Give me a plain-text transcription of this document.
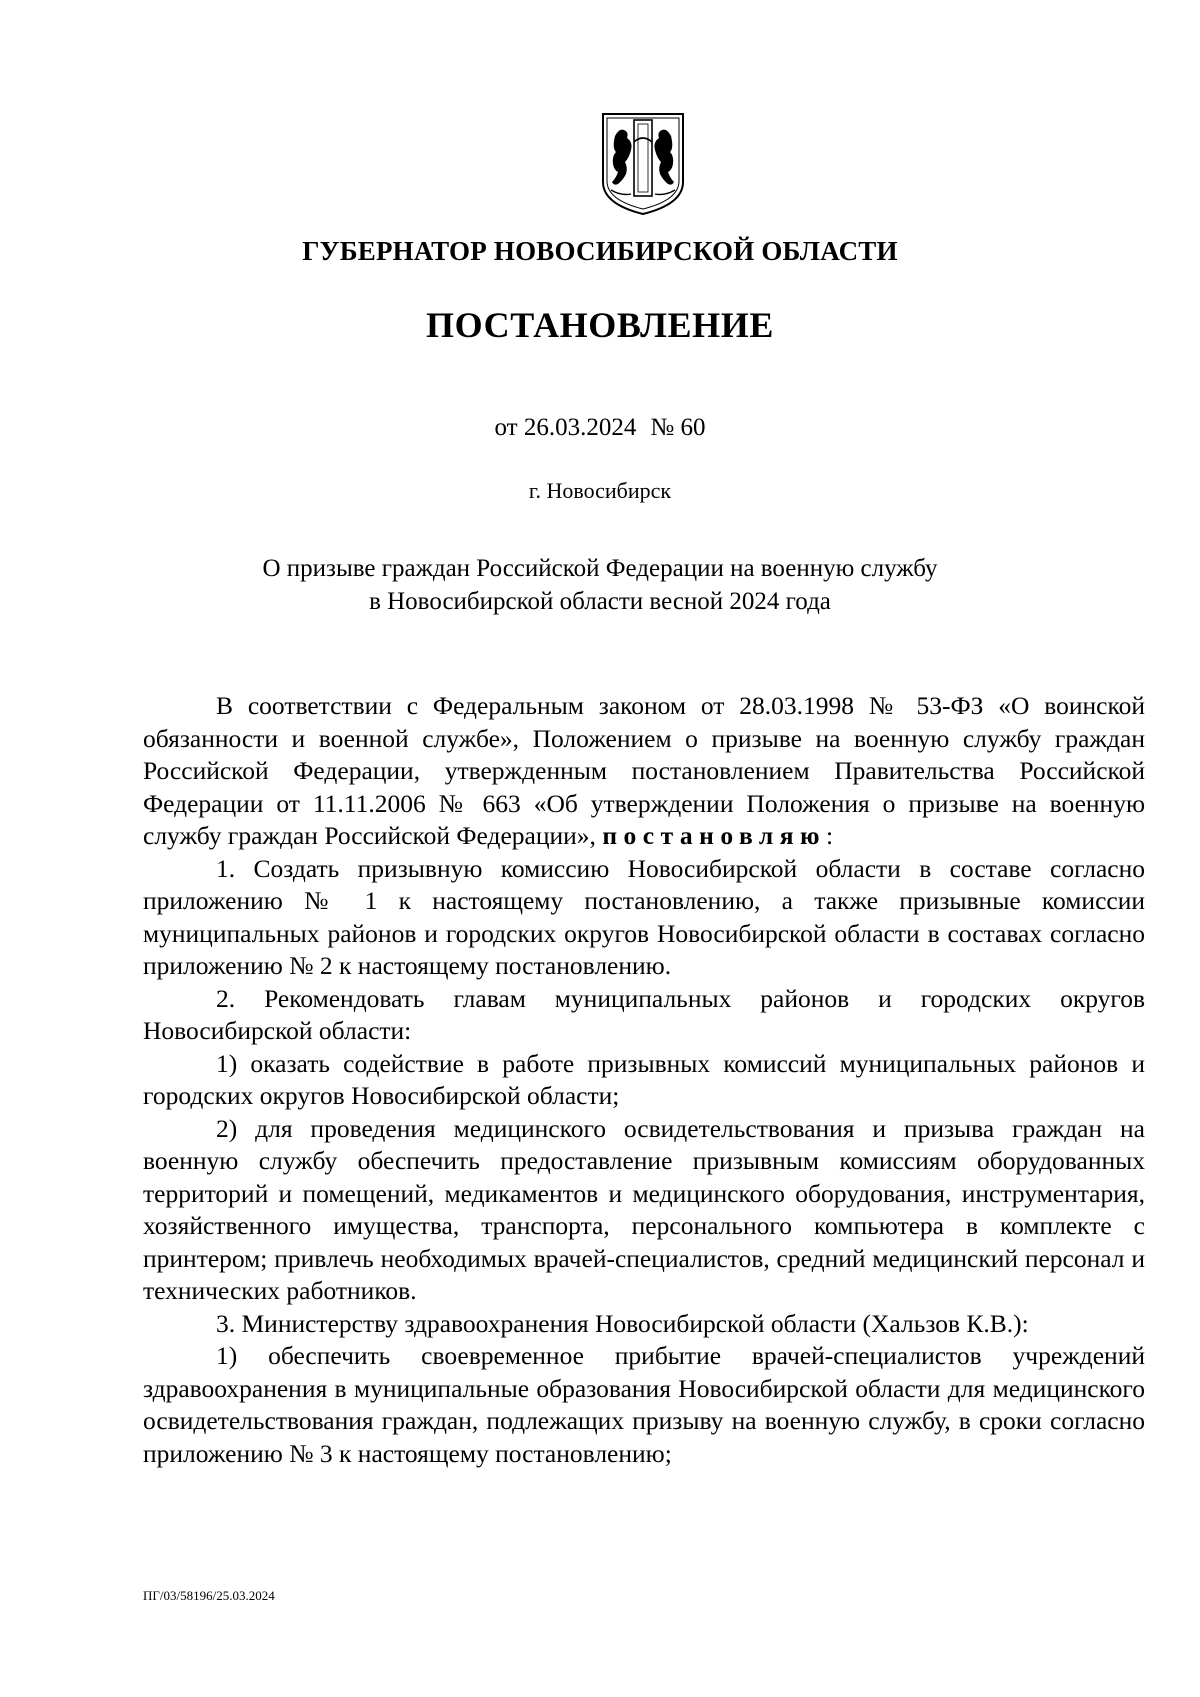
ГУБЕРНАТОР НОВОСИБИРСКОЙ ОБЛАСТИ
ПОСТАНОВЛЕНИЕ
от 26.03.2024 № 60
г. Новосибирск
О призыве граждан Российской Федерации на военную службу
в Новосибирской области весной 2024 года

В соответствии с Федеральным законом от 28.03.1998 № 53-ФЗ «О воинской обязанности и военной службе», Положением о призыве на военную службу граждан Российской Федерации, утвержденным постановлением Правительства Российской Федерации от 11.11.2006 № 663 «Об утверждении Положения о призыве на военную службу граждан Российской Федерации», постановляю:

1. Создать призывную комиссию Новосибирской области в составе согласно приложению № 1 к настоящему постановлению, а также призывные комиссии муниципальных районов и городских округов Новосибирской области в составах согласно приложению № 2 к настоящему постановлению.

2. Рекомендовать главам муниципальных районов и городских округов Новосибирской области:

1) оказать содействие в работе призывных комиссий муниципальных районов и городских округов Новосибирской области;

2) для проведения медицинского освидетельствования и призыва граждан на военную службу обеспечить предоставление призывным комиссиям оборудованных территорий и помещений, медикаментов и медицинского оборудования, инструментария, хозяйственного имущества, транспорта, персонального компьютера в комплекте с принтером; привлечь необходимых врачей-специалистов, средний медицинский персонал и технических работников.

3. Министерству здравоохранения Новосибирской области (Хальзов К.В.):

1) обеспечить своевременное прибытие врачей-специалистов учреждений здравоохранения в муниципальные образования Новосибирской области для медицинского освидетельствования граждан, подлежащих призыву на военную службу, в сроки согласно приложению № 3 к настоящему постановлению;

ПГ/03/58196/25.03.2024
